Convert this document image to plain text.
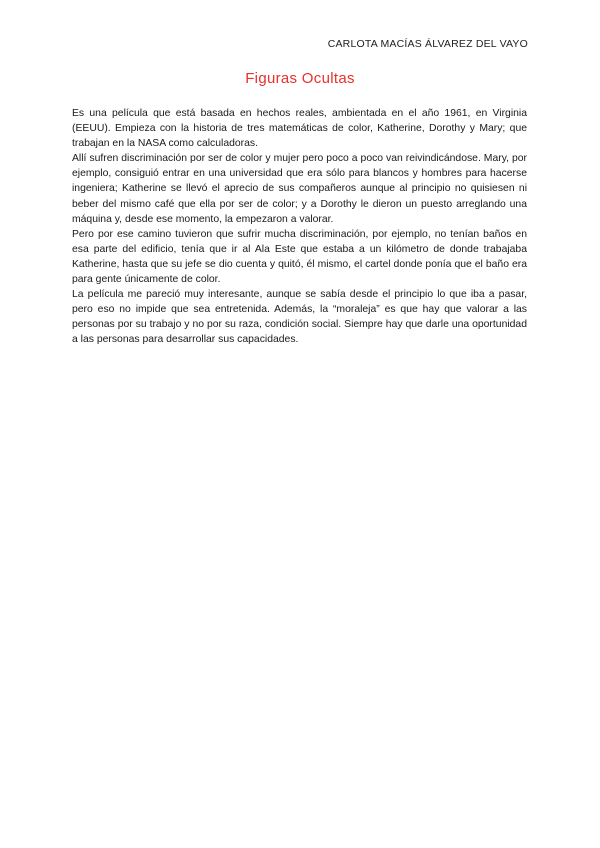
CARLOTA MACÍAS ÁLVAREZ DEL VAYO
Figuras Ocultas

Es una película que está basada en hechos reales, ambientada en el año 1961, en Virginia (EEUU). Empieza con la historia de tres matemáticas de color, Katherine, Dorothy y Mary; que trabajan en la NASA como calculadoras.

Allí sufren discriminación por ser de color y mujer pero poco a poco van reivindicándose. Mary, por ejemplo, consiguió entrar en una universidad que era sólo para blancos y hombres para hacerse ingeniera; Katherine se llevó el aprecio de sus compañeros aunque al principio no quisiesen ni beber del mismo café que ella por ser de color; y a Dorothy le dieron un puesto arreglando una máquina y, desde ese momento, la empezaron a valorar.

Pero por ese camino tuvieron que sufrir mucha discriminación, por ejemplo, no tenían baños en esa parte del edificio, tenía que ir al Ala Este que estaba a un kilómetro de donde trabajaba Katherine, hasta que su jefe se dio cuenta y quitó, él mismo, el cartel donde ponía que el baño era para gente únicamente de color.

La película me pareció muy interesante, aunque se sabía desde el principio lo que iba a pasar, pero eso no impide que sea entretenida. Además, la “moraleja” es que hay que valorar a las personas por su trabajo y no por su raza, condición social. Siempre hay que darle una oportunidad a las personas para desarrollar sus capacidades.
